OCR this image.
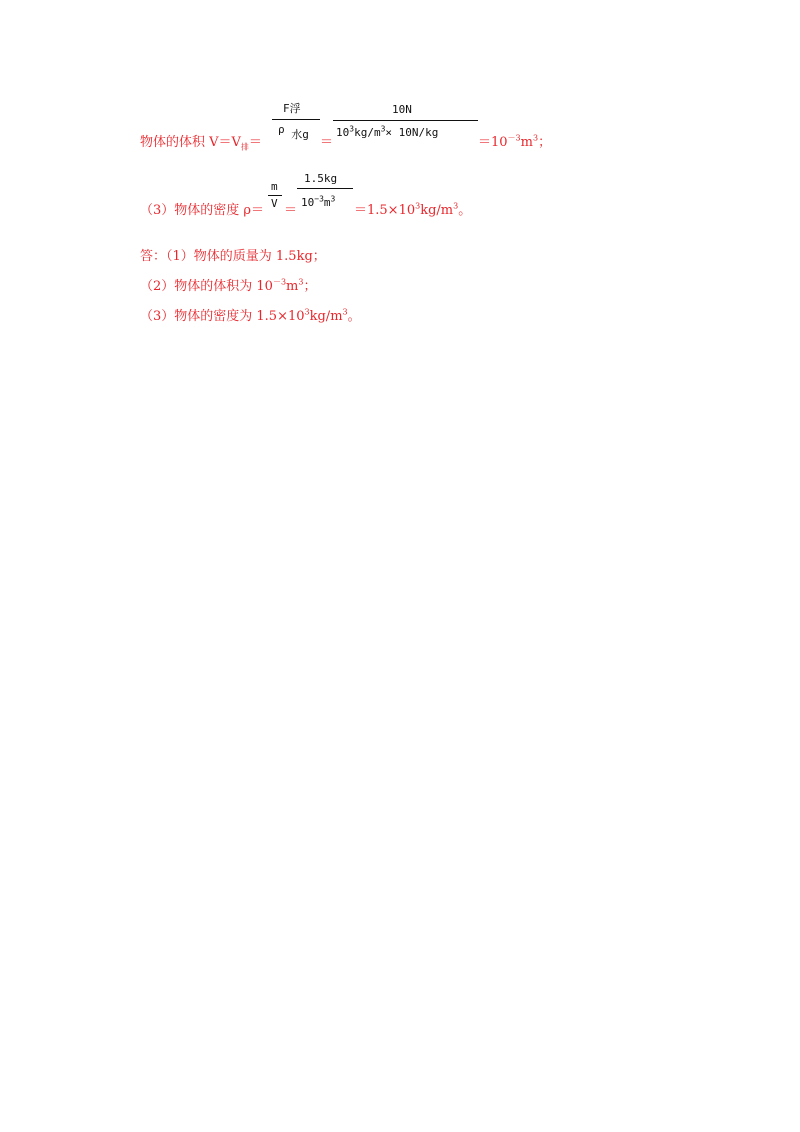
物体的体积 $V=V_排=$
F浮
ρ 水g
＝
10N
$10^3kg/m^3\times 10N/kg$
$=10^{-3}m^3$；
（3）物体的密度 ρ＝
m
V ＝
1.5kg
$10^{-3}m^3$
$=1.5\times 10^3kg/m^3$。
答：（1）物体的质量为 1.5kg；
（2）物体的体积为 $10^{-3}m^3$；
（3）物体的密度为 $1.5\times 10^3kg/m^3$。
